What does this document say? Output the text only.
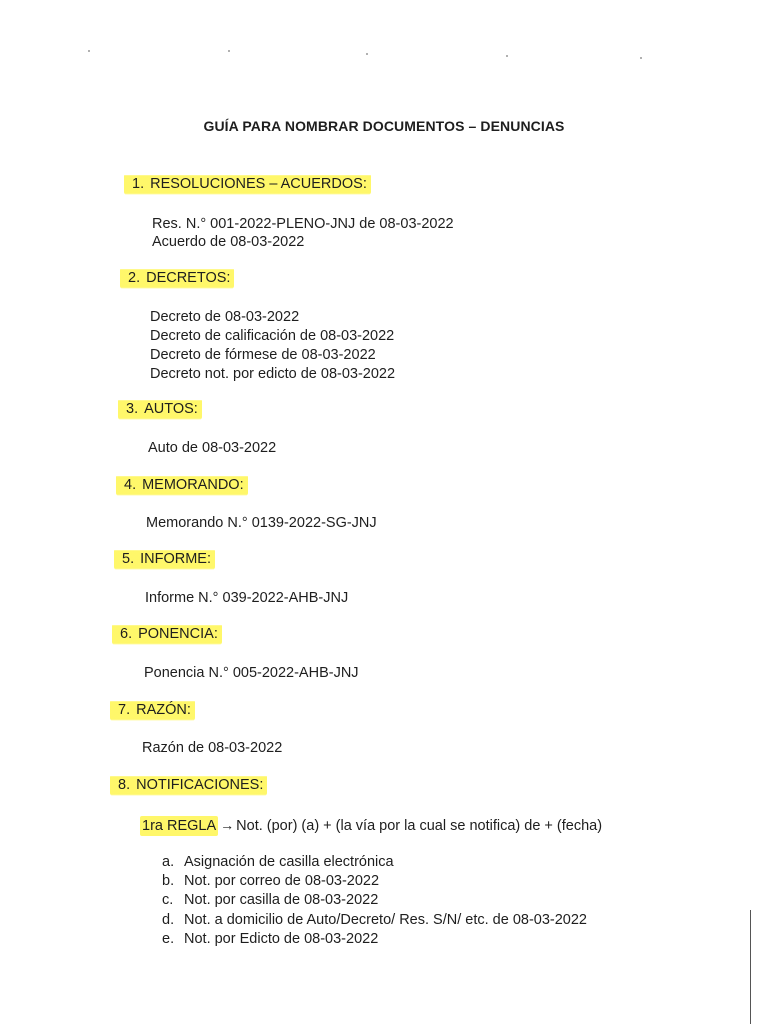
GUÍA PARA NOMBRAR DOCUMENTOS – DENUNCIAS
1. RESOLUCIONES – ACUERDOS:
Res. N.° 001-2022-PLENO-JNJ de 08-03-2022
Acuerdo de 08-03-2022
2. DECRETOS:
Decreto de 08-03-2022
Decreto de calificación de 08-03-2022
Decreto de fórmese de 08-03-2022
Decreto not. por edicto de 08-03-2022
3. AUTOS:
Auto de 08-03-2022
4. MEMORANDO:
Memorando N.° 0139-2022-SG-JNJ
5. INFORME:
Informe N.° 039-2022-AHB-JNJ
6. PONENCIA:
Ponencia N.° 005-2022-AHB-JNJ
7. RAZÓN:
Razón de 08-03-2022
8. NOTIFICACIONES:
1ra REGLA → Not. (por) (a) + (la vía por la cual se notifica) de + (fecha)
a. Asignación de casilla electrónica
b. Not. por correo de 08-03-2022
c. Not. por casilla de 08-03-2022
d. Not. a domicilio de Auto/Decreto/ Res. S/N/ etc. de 08-03-2022
e. Not. por Edicto de 08-03-2022
